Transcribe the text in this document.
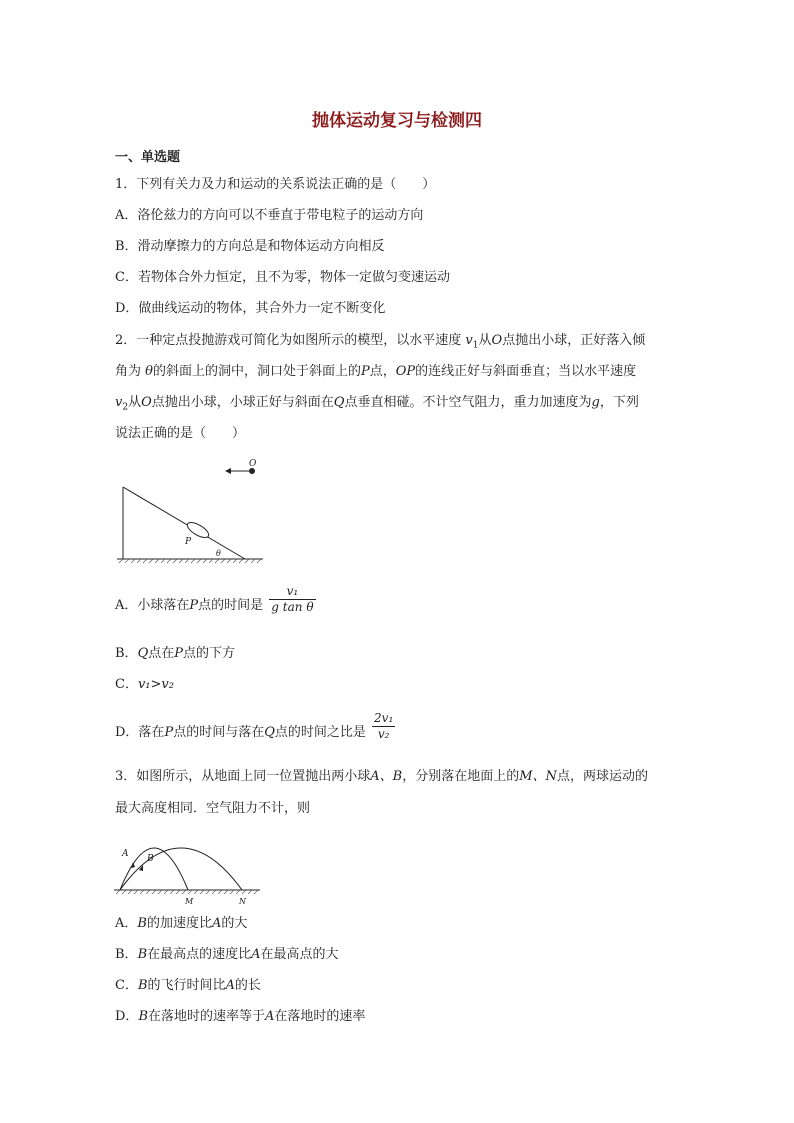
抛体运动复习与检测四
一、单选题
1．下列有关力及力和运动的关系说法正确的是（　　）
A．洛伦兹力的方向可以不垂直于带电粒子的运动方向
B．滑动摩擦力的方向总是和物体运动方向相反
C．若物体合外力恒定，且不为零，物体一定做匀变速运动
D．做曲线运动的物体，其合外力一定不断变化
2．一种定点投抛游戏可简化为如图所示的模型，以水平速度 $v_1$从O点抛出小球，正好落入倾
角为 θ的斜面上的洞中，洞口处于斜面上的P点，OP的连线正好与斜面垂直；当以水平速度
$v_2$从O点抛出小球，小球正好与斜面在Q点垂直相碰。不计空气阻力，重力加速度为g，下列
说法正确的是（　　）
O
P
θ
A．小球落在P点的时间是 $\frac{\text{v₁}}{\text{g tan θ}}$
B．Q点在P点的下方
C．v₁>v₂
D．落在P点的时间与落在Q点的时间之比是 $\frac{\text{2v₁}}{\text{v₂}}$
3．如图所示，从地面上同一位置抛出两小球A、B，分别落在地面上的M、N点，两球运动的
最大高度相同．空气阻力不计，则
A B
M	N
A．B的加速度比A的大
B．B在最高点的速度比A在最高点的大
C．B的飞行时间比A的长
D．B在落地时的速率等于A在落地时的速率
